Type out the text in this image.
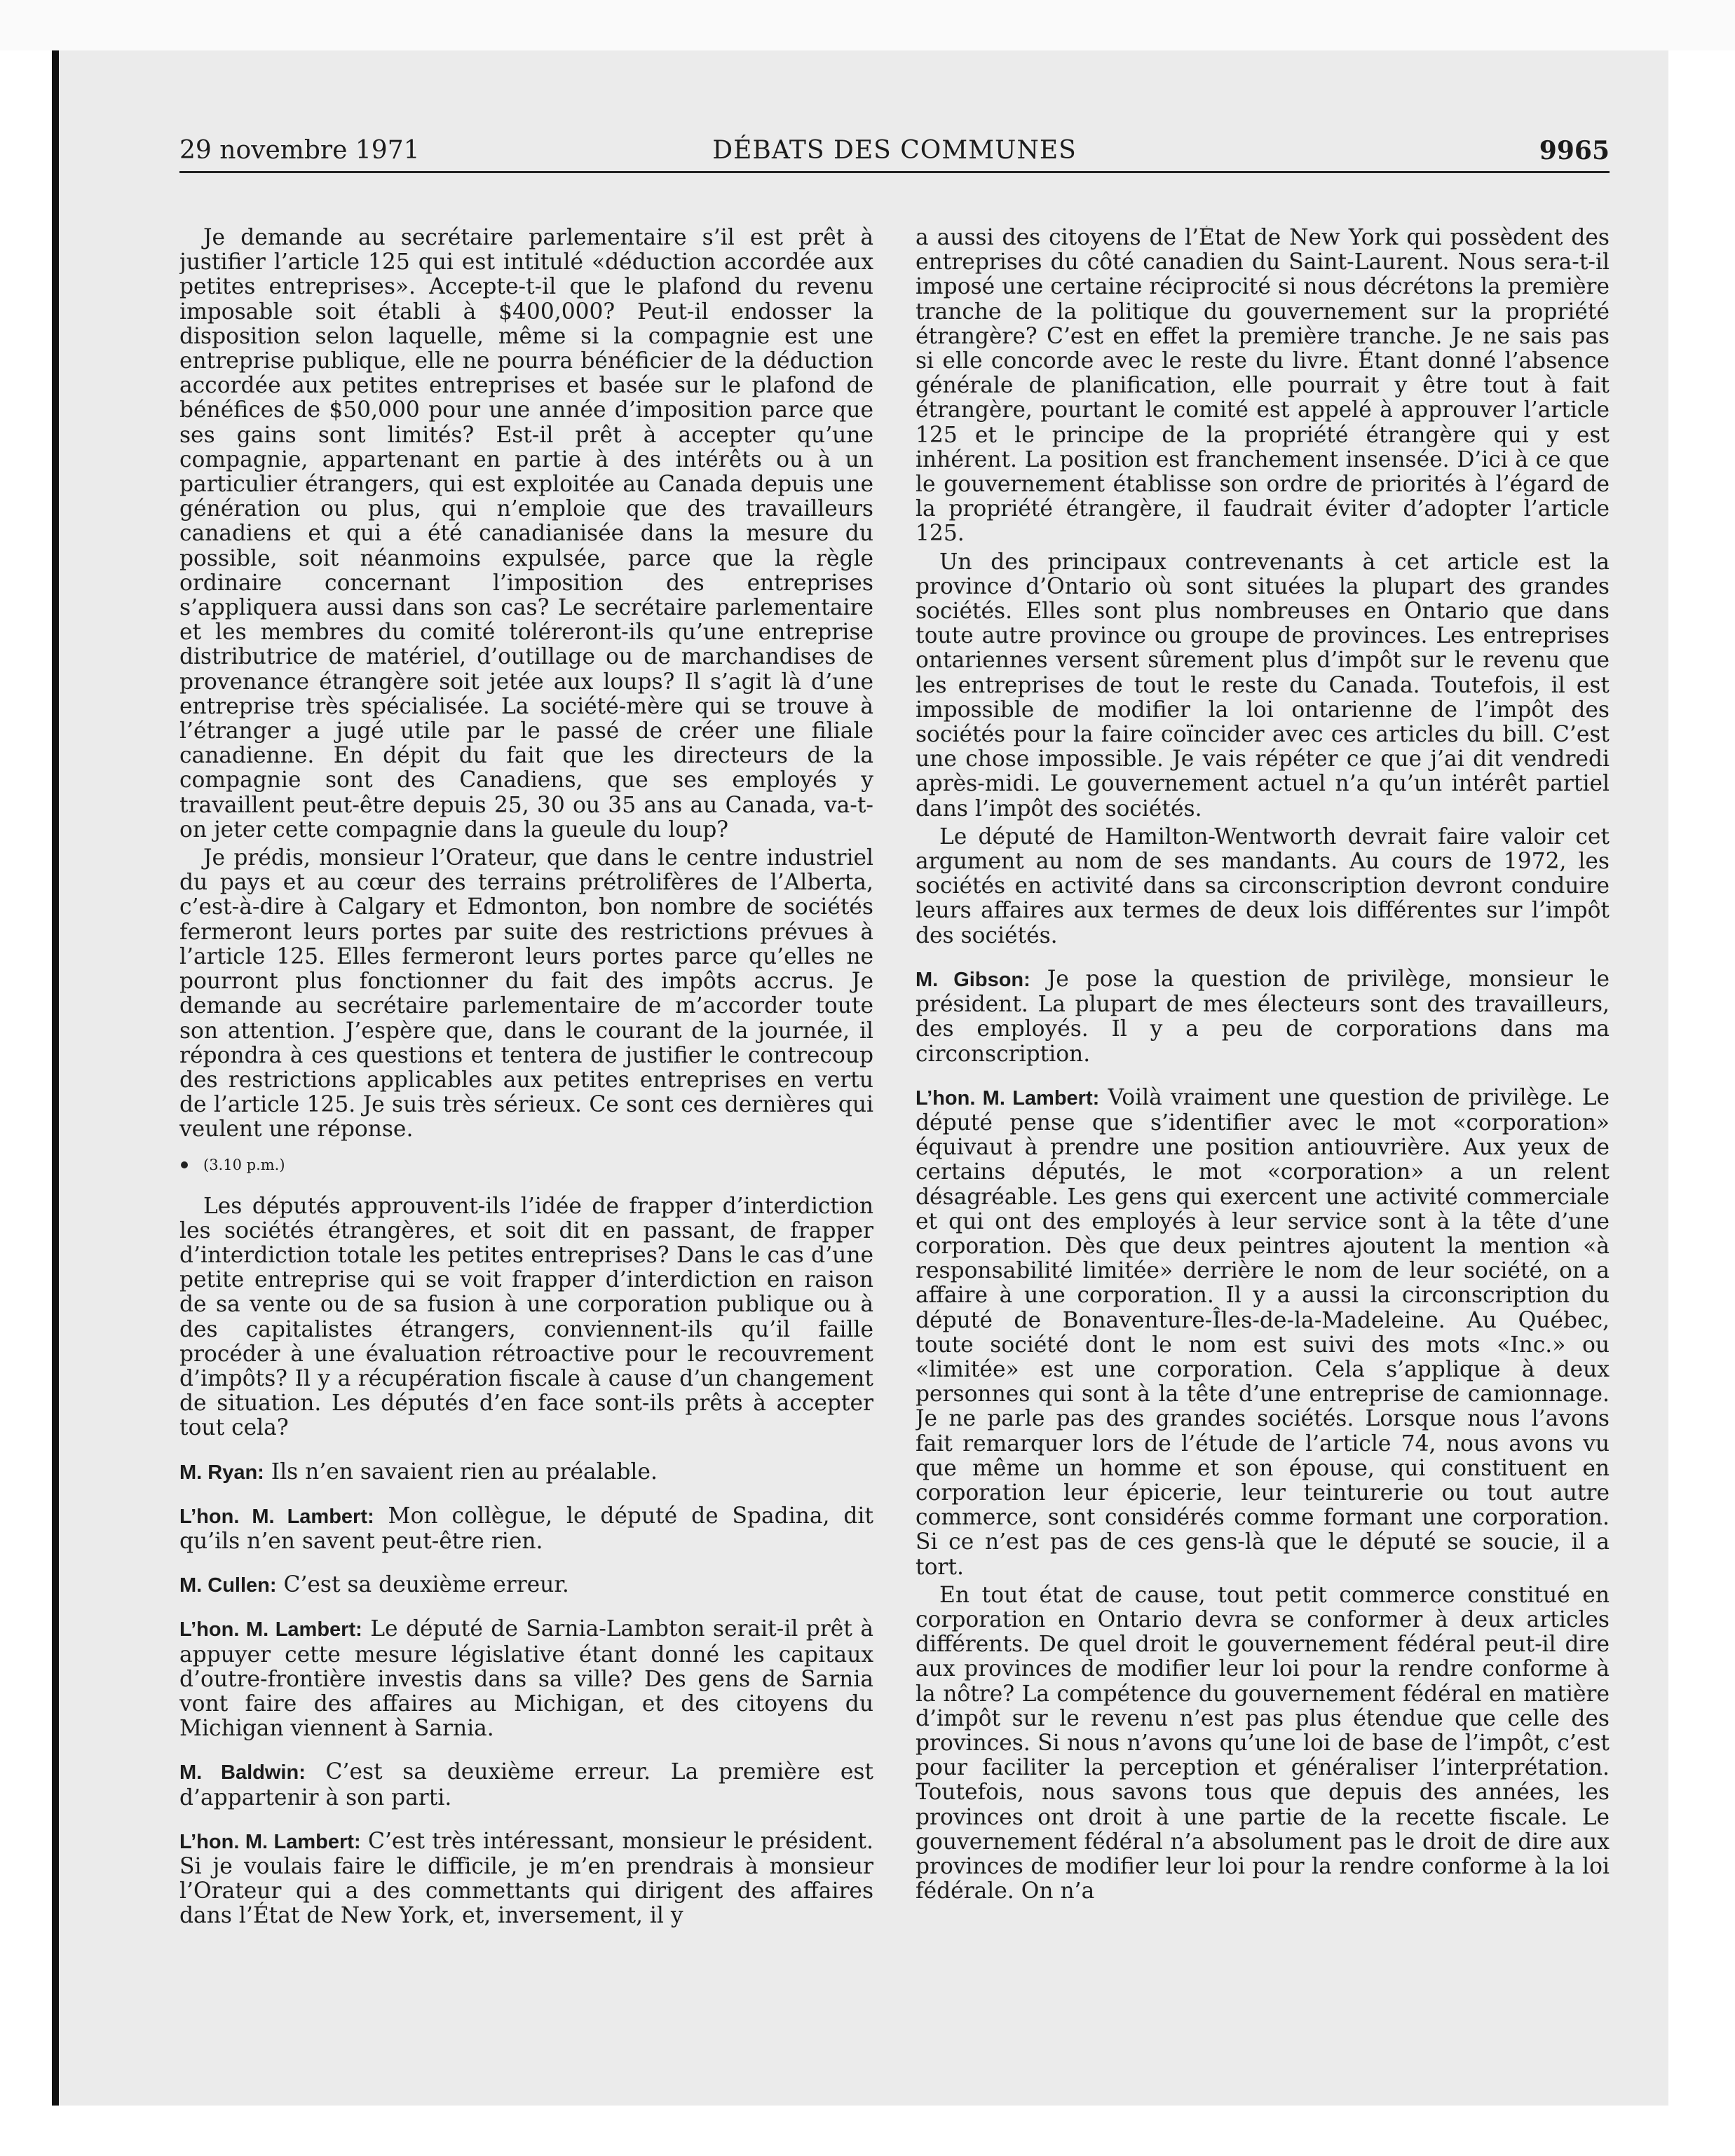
29 novembre 1971	DÉBATS DES COMMUNES	9965

Je demande au secrétaire parlementaire s’il est prêt à justifier l’article 125 qui est intitulé «déduction accordée aux petites entreprises». Accepte-t-il que le plafond du revenu imposable soit établi à $400,000? Peut-il endosser la disposition selon laquelle, même si la compagnie est une entreprise publique, elle ne pourra bénéficier de la déduction accordée aux petites entreprises et basée sur le plafond de bénéfices de $50,000 pour une année d’imposition parce que ses gains sont limités? Est-il prêt à accepter qu’une compagnie, appartenant en partie à des intérêts ou à un particulier étrangers, qui est exploitée au Canada depuis une génération ou plus, qui n’emploie que des travailleurs canadiens et qui a été canadianisée dans la mesure du possible, soit néanmoins expulsée, parce que la règle ordinaire concernant l’imposition des entreprises s’appliquera aussi dans son cas? Le secrétaire parlementaire et les membres du comité toléreront-ils qu’une entreprise distributrice de matériel, d’outillage ou de marchandises de provenance étrangère soit jetée aux loups? Il s’agit là d’une entreprise très spécialisée. La société-mère qui se trouve à l’étranger a jugé utile par le passé de créer une filiale canadienne. En dépit du fait que les directeurs de la compagnie sont des Canadiens, que ses employés y travaillent peut-être depuis 25, 30 ou 35 ans au Canada, va-t-on jeter cette compagnie dans la gueule du loup?

Je prédis, monsieur l’Orateur, que dans le centre industriel du pays et au cœur des terrains prétrolifères de l’Alberta, c’est-à-dire à Calgary et Edmonton, bon nombre de sociétés fermeront leurs portes par suite des restrictions prévues à l’article 125. Elles fermeront leurs portes parce qu’elles ne pourront plus fonctionner du fait des impôts accrus. Je demande au secrétaire parlementaire de m’accorder toute son attention. J’espère que, dans le courant de la journée, il répondra à ces questions et tentera de justifier le contrecoup des restrictions applicables aux petites entreprises en vertu de l’article 125. Je suis très sérieux. Ce sont ces dernières qui veulent une réponse.

(3.10 p.m.)

Les députés approuvent-ils l’idée de frapper d’interdiction les sociétés étrangères, et soit dit en passant, de frapper d’interdiction totale les petites entreprises? Dans le cas d’une petite entreprise qui se voit frapper d’interdiction en raison de sa vente ou de sa fusion à une corporation publique ou à des capitalistes étrangers, conviennent-ils qu’il faille procéder à une évaluation rétroactive pour le recouvrement d’impôts? Il y a récupération fiscale à cause d’un changement de situation. Les députés d’en face sont-ils prêts à accepter tout cela?

M. Ryan: Ils n’en savaient rien au préalable.

L’hon. M. Lambert: Mon collègue, le député de Spadina, dit qu’ils n’en savent peut-être rien.

M. Cullen: C’est sa deuxième erreur.

L’hon. M. Lambert: Le député de Sarnia-Lambton serait-il prêt à appuyer cette mesure législative étant donné les capitaux d’outre-frontière investis dans sa ville? Des gens de Sarnia vont faire des affaires au Michigan, et des citoyens du Michigan viennent à Sarnia.

M. Baldwin: C’est sa deuxième erreur. La première est d’appartenir à son parti.

L’hon. M. Lambert: C’est très intéressant, monsieur le président. Si je voulais faire le difficile, je m’en prendrais à monsieur l’Orateur qui a des commettants qui dirigent des affaires dans l’État de New York, et, inversement, il y

a aussi des citoyens de l’État de New York qui possèdent des entreprises du côté canadien du Saint-Laurent. Nous sera-t-il imposé une certaine réciprocité si nous décrétons la première tranche de la politique du gouvernement sur la propriété étrangère? C’est en effet la première tranche. Je ne sais pas si elle concorde avec le reste du livre. Étant donné l’absence générale de planification, elle pourrait y être tout à fait étrangère, pourtant le comité est appelé à approuver l’article 125 et le principe de la propriété étrangère qui y est inhérent. La position est franchement insensée. D’ici à ce que le gouvernement établisse son ordre de priorités à l’égard de la propriété étrangère, il faudrait éviter d’adopter l’article 125.

Un des principaux contrevenants à cet article est la province d’Ontario où sont situées la plupart des grandes sociétés. Elles sont plus nombreuses en Ontario que dans toute autre province ou groupe de provinces. Les entreprises ontariennes versent sûrement plus d’impôt sur le revenu que les entreprises de tout le reste du Canada. Toutefois, il est impossible de modifier la loi ontarienne de l’impôt des sociétés pour la faire coïncider avec ces articles du bill. C’est une chose impossible. Je vais répéter ce que j’ai dit vendredi après-midi. Le gouvernement actuel n’a qu’un intérêt partiel dans l’impôt des sociétés.

Le député de Hamilton-Wentworth devrait faire valoir cet argument au nom de ses mandants. Au cours de 1972, les sociétés en activité dans sa circonscription devront conduire leurs affaires aux termes de deux lois différentes sur l’impôt des sociétés.

M. Gibson: Je pose la question de privilège, monsieur le président. La plupart de mes électeurs sont des travailleurs, des employés. Il y a peu de corporations dans ma circonscription.

L’hon. M. Lambert: Voilà vraiment une question de privilège. Le député pense que s’identifier avec le mot «corporation» équivaut à prendre une position antiouvrière. Aux yeux de certains députés, le mot «corporation» a un relent désagréable. Les gens qui exercent une activité commerciale et qui ont des employés à leur service sont à la tête d’une corporation. Dès que deux peintres ajoutent la mention «à responsabilité limitée» derrière le nom de leur société, on a affaire à une corporation. Il y a aussi la circonscription du député de Bonaventure-Îles-de-la-Madeleine. Au Québec, toute société dont le nom est suivi des mots «Inc.» ou «limitée» est une corporation. Cela s’applique à deux personnes qui sont à la tête d’une entreprise de camionnage. Je ne parle pas des grandes sociétés. Lorsque nous l’avons fait remarquer lors de l’étude de l’article 74, nous avons vu que même un homme et son épouse, qui constituent en corporation leur épicerie, leur teinturerie ou tout autre commerce, sont considérés comme formant une corporation. Si ce n’est pas de ces gens-là que le député se soucie, il a tort.

En tout état de cause, tout petit commerce constitué en corporation en Ontario devra se conformer à deux articles différents. De quel droit le gouvernement fédéral peut-il dire aux provinces de modifier leur loi pour la rendre conforme à la nôtre? La compétence du gouvernement fédéral en matière d’impôt sur le revenu n’est pas plus étendue que celle des provinces. Si nous n’avons qu’une loi de base de l’impôt, c’est pour faciliter la perception et généraliser l’interprétation. Toutefois, nous savons tous que depuis des années, les provinces ont droit à une partie de la recette fiscale. Le gouvernement fédéral n’a absolument pas le droit de dire aux provinces de modifier leur loi pour la rendre conforme à la loi fédérale. On n’a
